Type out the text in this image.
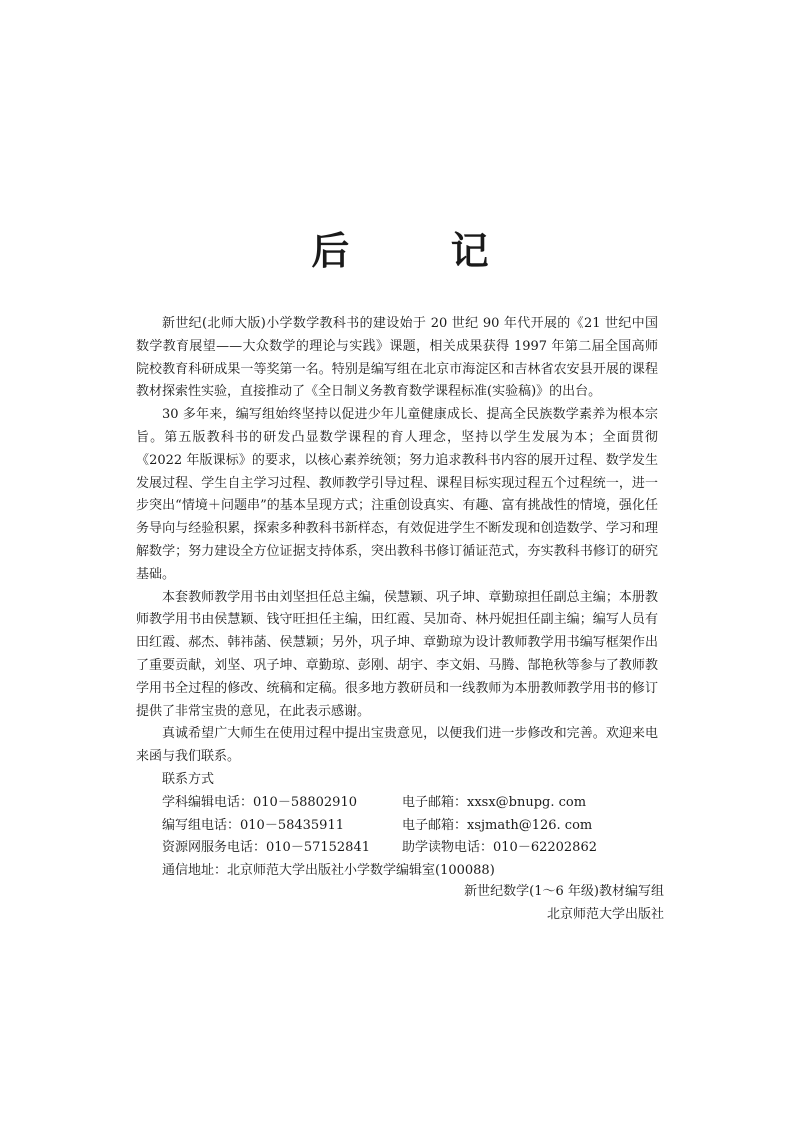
后 记

新世纪(北师大版)小学数学教科书的建设始于 20 世纪 90 年代开展的《21 世纪中国数学教育展望——大众数学的理论与实践》课题，相关成果获得 1997 年第二届全国高师院校教育科研成果一等奖第一名。特别是编写组在北京市海淀区和吉林省农安县开展的课程教材探索性实验，直接推动了《全日制义务教育数学课程标准(实验稿)》的出台。

30 多年来，编写组始终坚持以促进少年儿童健康成长、提高全民族数学素养为根本宗旨。第五版教科书的研发凸显数学课程的育人理念，坚持以学生发展为本；全面贯彻《2022 年版课标》的要求，以核心素养统领；努力追求教科书内容的展开过程、数学发生发展过程、学生自主学习过程、教师教学引导过程、课程目标实现过程五个过程统一，进一步突出“情境＋问题串”的基本呈现方式；注重创设真实、有趣、富有挑战性的情境，强化任务导向与经验积累，探索多种教科书新样态，有效促进学生不断发现和创造数学、学习和理解数学；努力建设全方位证据支持体系，突出教科书修订循证范式，夯实教科书修订的研究基础。

本套教师教学用书由刘坚担任总主编，侯慧颖、巩子坤、章勤琼担任副总主编；本册教师教学用书由侯慧颖、钱守旺担任主编，田红霞、吴加奇、林丹妮担任副主编；编写人员有田红霞、郝杰、韩祎菡、侯慧颖；另外，巩子坤、章勤琼为设计教师教学用书编写框架作出了重要贡献，刘坚、巩子坤、章勤琼、彭刚、胡宇、李文娟、马腾、郜艳秋等参与了教师教学用书全过程的修改、统稿和定稿。很多地方教研员和一线教师为本册教师教学用书的修订提供了非常宝贵的意见，在此表示感谢。

真诚希望广大师生在使用过程中提出宝贵意见，以便我们进一步修改和完善。欢迎来电来函与我们联系。

联系方式

学科编辑电话：010－58802910	电子邮箱：xxsx@bnupg. com
编写组电话：010－58435911	电子邮箱：xsjmath@126. com
资源网服务电话：010－57152841	助学读物电话：010－62202862

通信地址：北京师范大学出版社小学数学编辑室(100088)

新世纪数学(1～6 年级)教材编写组
北京师范大学出版社
